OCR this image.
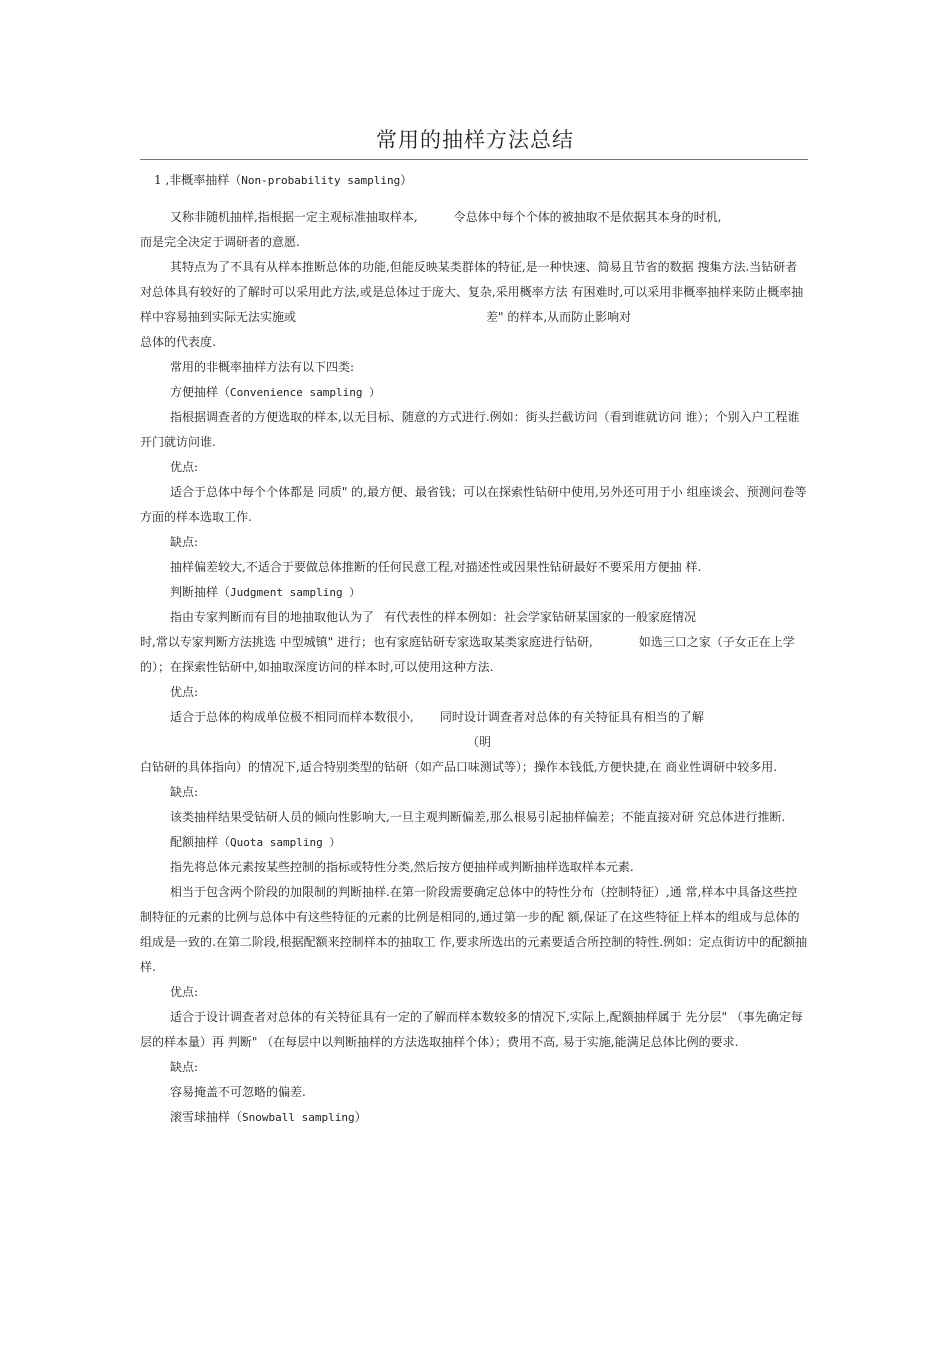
常用的抽样方法总结

1 ,非概率抽样（Non-probability sampling）

又称非随机抽样,指根据一定主观标准抽取样本,	令总体中每个个体的被抽取不是依据其本身的时机,

而是完全决定于调研者的意愿.

其特点为了不具有从样本推断总体的功能,但能反映某类群体的特征,是一种快速、简易且节省的数据 搜集方法.当钻研者对总体具有较好的了解时可以采用此方法,或是总体过于庞大、复杂,采用概率方法 有困难时,可以采用非概率抽样来防止概率抽样中容易抽到实际无法实施或	差" 的样本,从而防止影响对

总体的代表度.

常用的非概率抽样方法有以下四类:

方便抽样（Convenience sampling ）

指根据调查者的方便选取的样本,以无目标、随意的方式进行.例如：街头拦截访问（看到谁就访问 谁）；个别入户工程谁开门就访问谁.

优点:

适合于总体中每个个体都是 同质" 的,最方便、最省钱；可以在探索性钻研中使用,另外还可用于小 组座谈会、预测问卷等方面的样本选取工作.

缺点:

抽样偏差较大,不适合于要做总体推断的任何民意工程,对描述性或因果性钻研最好不要采用方便抽 样.

判断抽样（Judgment sampling ）

指由专家判断而有目的地抽取他认为了 有代表性的样本例如：社会学家钻研某国家的一般家庭情况

时,常以专家判断方法挑选 中型城镇" 进行；也有家庭钻研专家选取某类家庭进行钻研,	如选三口之家（子女正在上学的）；在探索性钻研中,如抽取深度访问的样本时,可以使用这种方法.

优点:

适合于总体的构成单位极不相同而样本数很小, 同时设计调查者对总体的有关特征具有相当的了解

（明

白钻研的具体指向）的情况下,适合特别类型的钻研（如产品口味测试等）；操作本钱低,方便快捷,在 商业性调研中较多用.

缺点:

该类抽样结果受钻研人员的倾向性影响大,一旦主观判断偏差,那么根易引起抽样偏差；不能直接对研 究总体进行推断.

配额抽样（Quota sampling ）

指先将总体元素按某些控制的指标或特性分类,然后按方便抽样或判断抽样选取样本元素.

相当于包含两个阶段的加限制的判断抽样.在第一阶段需要确定总体中的特性分布（控制特征）,通 常,样本中具备这些控制特征的元素的比例与总体中有这些特征的元素的比例是相同的,通过第一步的配 额,保证了在这些特征上样本的组成与总体的组成是一致的.在第二阶段,根据配额来控制样本的抽取工 作,要求所选出的元素要适合所控制的特性.例如：定点街访中的配额抽样.

优点:

适合于设计调查者对总体的有关特征具有一定的了解而样本数较多的情况下,实际上,配额抽样属于 先分层" （事先确定每层的样本量）再 判断" （在每层中以判断抽样的方法选取抽样个体）；费用不高, 易于实施,能满足总体比例的要求.

缺点:

容易掩盖不可忽略的偏差.

滚雪球抽样（Snowball sampling）
